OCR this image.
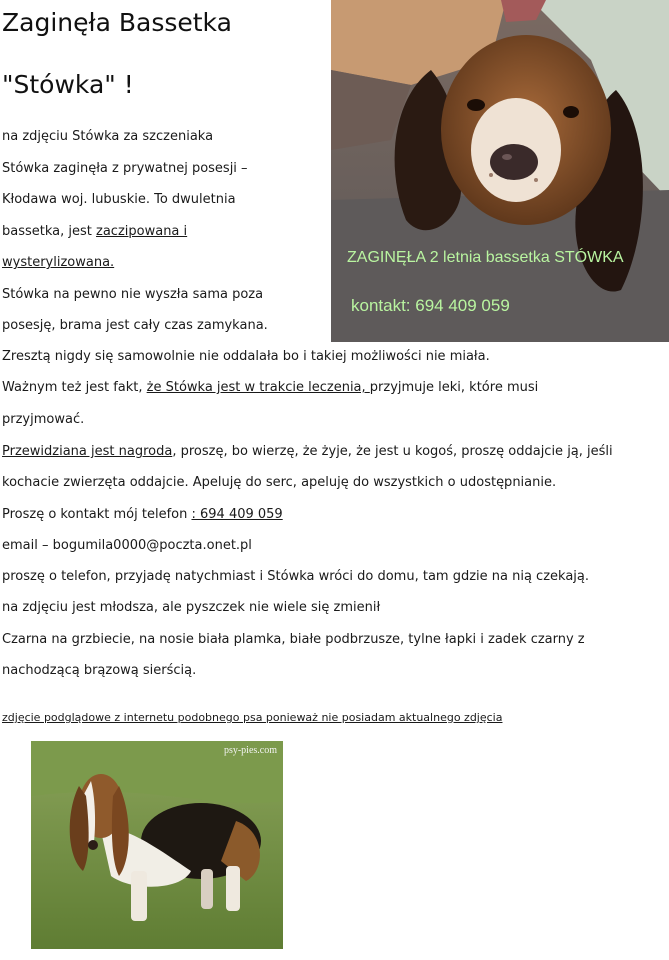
Zaginęła Bassetka
"Stówka" !
ZAGINĘŁA 2 letnia bassetka STÓWKA
kontakt: 694 409 059

na zdjęciu Stówka za szczeniaka

Stówka zaginęła z prywatnej posesji –

Kłodawa woj. lubuskie. To dwuletnia

bassetka, jest zaczipowana i

wysterylizowana.

Stówka na pewno nie wyszła sama poza

posesję, brama jest cały czas zamykana.

Zresztą nigdy się samowolnie nie oddalała bo i takiej możliwości nie miała.

Ważnym też jest fakt, że Stówka jest w trakcie leczenia, przyjmuje leki, które musi

przyjmować.

Przewidziana jest nagroda, proszę, bo wierzę, że żyje, że jest u kogoś, proszę oddajcie ją, jeśli

kochacie zwierzęta oddajcie. Apeluję do serc, apeluję do wszystkich o udostępnianie.

Proszę o kontakt mój telefon : 694 409 059

email – bogumila0000@poczta.onet.pl

proszę o telefon, przyjadę natychmiast i Stówka wróci do domu, tam gdzie na nią czekają.

na zdjęciu jest młodsza, ale pyszczek nie wiele się zmienił

Czarna na grzbiecie, na nosie biała plamka, białe podbrzusze, tylne łapki i zadek czarny z

nachodzącą brązową sierścią.

zdjęcie podglądowe z internetu podobnego psa ponieważ nie posiadam aktualnego zdjęcia

psy-pies.com
